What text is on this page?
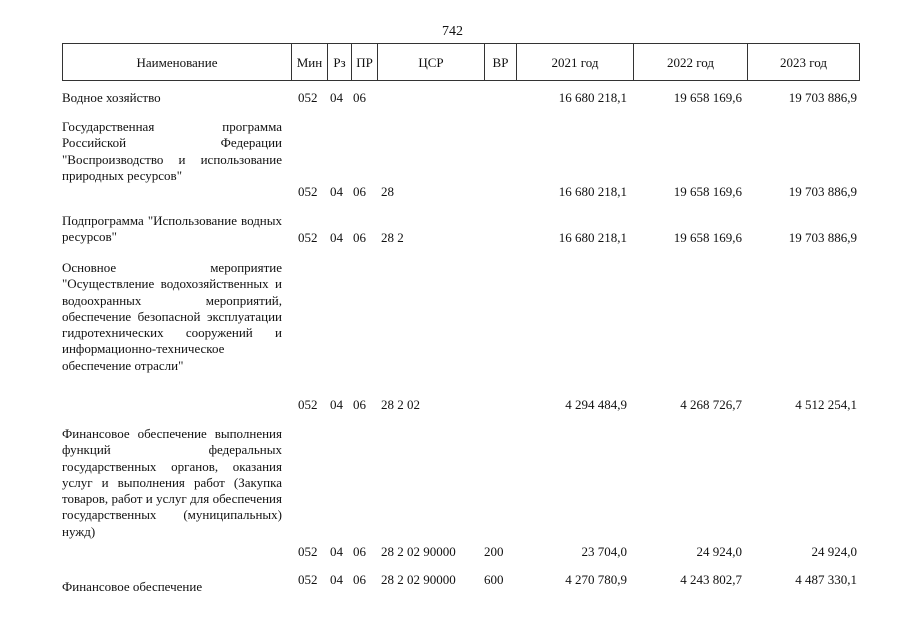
742
Наименование	Мин Рз ПР	ЦСР	ВР	2021 год	2022 год	2023 год
Водное хозяйство	052 04 06	16 680 218,1	19 658 169,6	19 703 886,9
Государственная программа Российской Федерации "Воспроизводство и использование природных ресурсов"
052 04 06 28	16 680 218,1	19 658 169,6	19 703 886,9
Подпрограмма "Использование водных ресурсов"	052 04 06 28 2	16 680 218,1	19 658 169,6	19 703 886,9
Основное мероприятие "Осуществление водохозяйственных и водоохранных мероприятий, обеспечение безопасной эксплуатации гидротехнических сооружений и информационно-техническое обеспечение отрасли"
052 04 06 28 2 02	4 294 484,9	4 268 726,7	4 512 254,1
Финансовое обеспечение выполнения функций федеральных государственных органов, оказания услуг и выполнения работ (Закупка товаров, работ и услуг для обеспечения государственных (муниципальных) нужд)
052 04 06 28 2 02 90000 200	23 704,0	24 924,0	24 924,0
Финансовое обеспечение	052 04 06 28 2 02 90000 600	4 270 780,9	4 243 802,7	4 487 330,1
